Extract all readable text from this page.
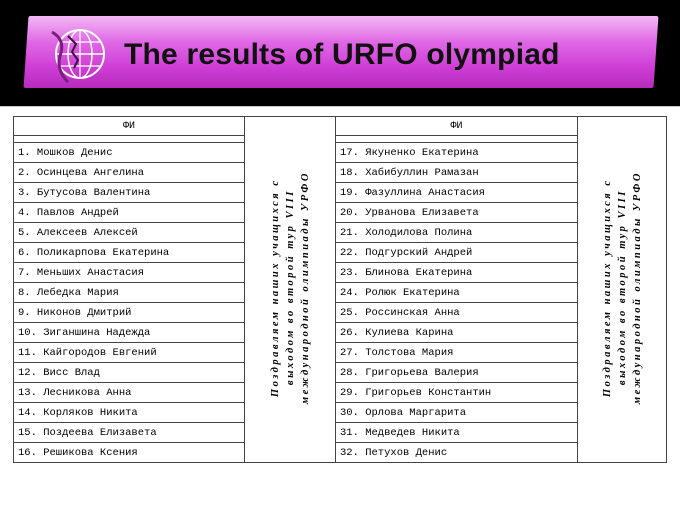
The results of URFO olympiad
ФИ	Поздравляем наших учащихся с выходом во второй тур VIII международной олимпиады УРФО	ФИ	Поздравляем наших учащихся с выходом во второй тур VIII международной олимпиады УРФО

1. Мошков Денис		17. Якуненко Екатерина	
2. Осинцева Ангелина		18. Хабибуллин Рамазан	
3. Бутусова Валентина		19. Фазуллина Анастасия	
4. Павлов Андрей		20. Урванова Елизавета	
5. Алексеев Алексей		21. Холодилова Полина	
6. Поликарпова Екатерина		22. Подгурский Андрей	
7. Меньших Анастасия		23. Блинова Екатерина	
8. Лебедка Мария		24. Ролюк Екатерина	
9. Никонов Дмитрий		25. Россинская Анна	
10. Зиганшина Надежда		26. Кулиева Карина	
11. Кайгородов Евгений		27. Толстова Мария	
12. Висс Влад		28. Григорьева Валерия	
13. Лесникова Анна		29. Григорьев Константин	
14. Корляков Никита		30. Орлова Маргарита	
15. Поздеева Елизавета		31. Медведев Никита	
16. Решикова Ксения		32. Петухов Денис	
